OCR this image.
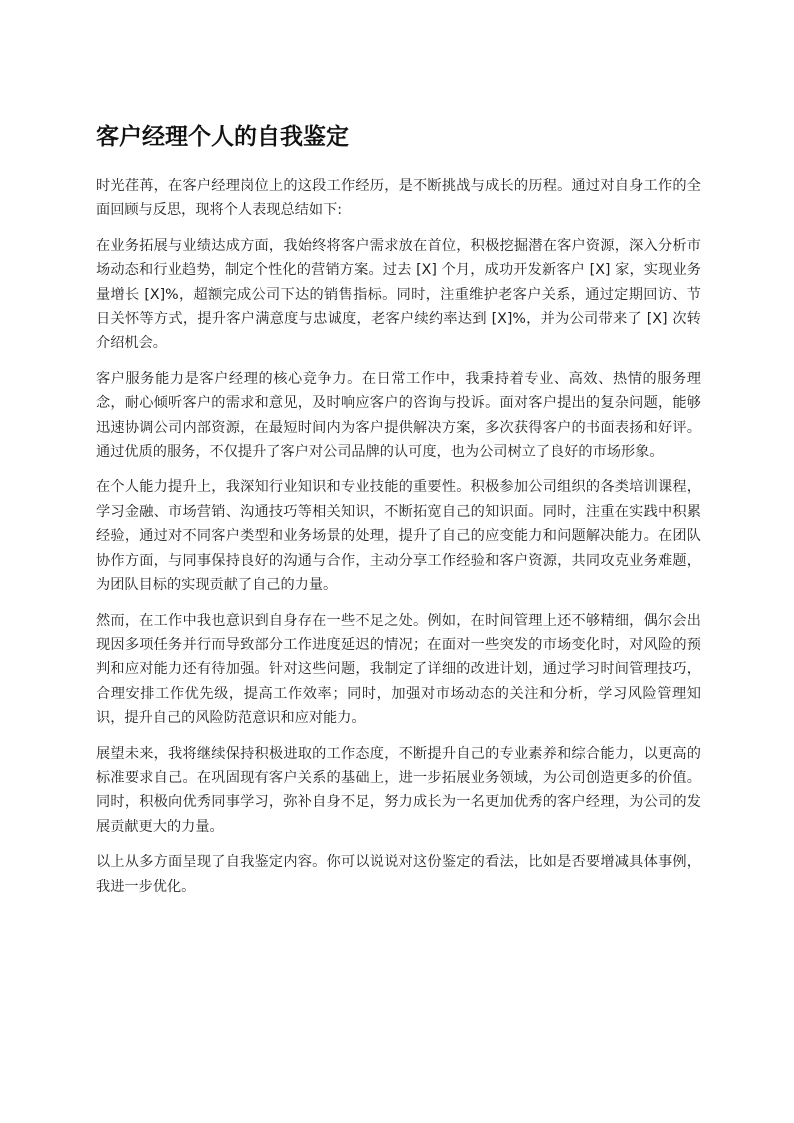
客户经理个人的自我鉴定

时光荏苒，在客户经理岗位上的这段工作经历，是不断挑战与成长的历程。通过对自身工作的全面回顾与反思，现将个人表现总结如下:

在业务拓展与业绩达成方面，我始终将客户需求放在首位，积极挖掘潜在客户资源，深入分析市场动态和行业趋势，制定个性化的营销方案。过去 [X] 个月，成功开发新客户 [X] 家，实现业务量增长 [X]%，超额完成公司下达的销售指标。同时，注重维护老客户关系，通过定期回访、节日关怀等方式，提升客户满意度与忠诚度，老客户续约率达到 [X]%，并为公司带来了 [X] 次转介绍机会。

客户服务能力是客户经理的核心竞争力。在日常工作中，我秉持着专业、高效、热情的服务理念，耐心倾听客户的需求和意见，及时响应客户的咨询与投诉。面对客户提出的复杂问题，能够迅速协调公司内部资源，在最短时间内为客户提供解决方案，多次获得客户的书面表扬和好评。通过优质的服务，不仅提升了客户对公司品牌的认可度，也为公司树立了良好的市场形象。

在个人能力提升上，我深知行业知识和专业技能的重要性。积极参加公司组织的各类培训课程，学习金融、市场营销、沟通技巧等相关知识，不断拓宽自己的知识面。同时，注重在实践中积累经验，通过对不同客户类型和业务场景的处理，提升了自己的应变能力和问题解决能力。在团队协作方面，与同事保持良好的沟通与合作，主动分享工作经验和客户资源，共同攻克业务难题，为团队目标的实现贡献了自己的力量。

然而，在工作中我也意识到自身存在一些不足之处。例如，在时间管理上还不够精细，偶尔会出现因多项任务并行而导致部分工作进度延迟的情况；在面对一些突发的市场变化时，对风险的预判和应对能力还有待加强。针对这些问题，我制定了详细的改进计划，通过学习时间管理技巧，合理安排工作优先级，提高工作效率；同时，加强对市场动态的关注和分析，学习风险管理知识，提升自己的风险防范意识和应对能力。

展望未来，我将继续保持积极进取的工作态度，不断提升自己的专业素养和综合能力，以更高的标准要求自己。在巩固现有客户关系的基础上，进一步拓展业务领域，为公司创造更多的价值。同时，积极向优秀同事学习，弥补自身不足，努力成长为一名更加优秀的客户经理，为公司的发展贡献更大的力量。

以上从多方面呈现了自我鉴定内容。你可以说说对这份鉴定的看法，比如是否要增减具体事例，我进一步优化。
